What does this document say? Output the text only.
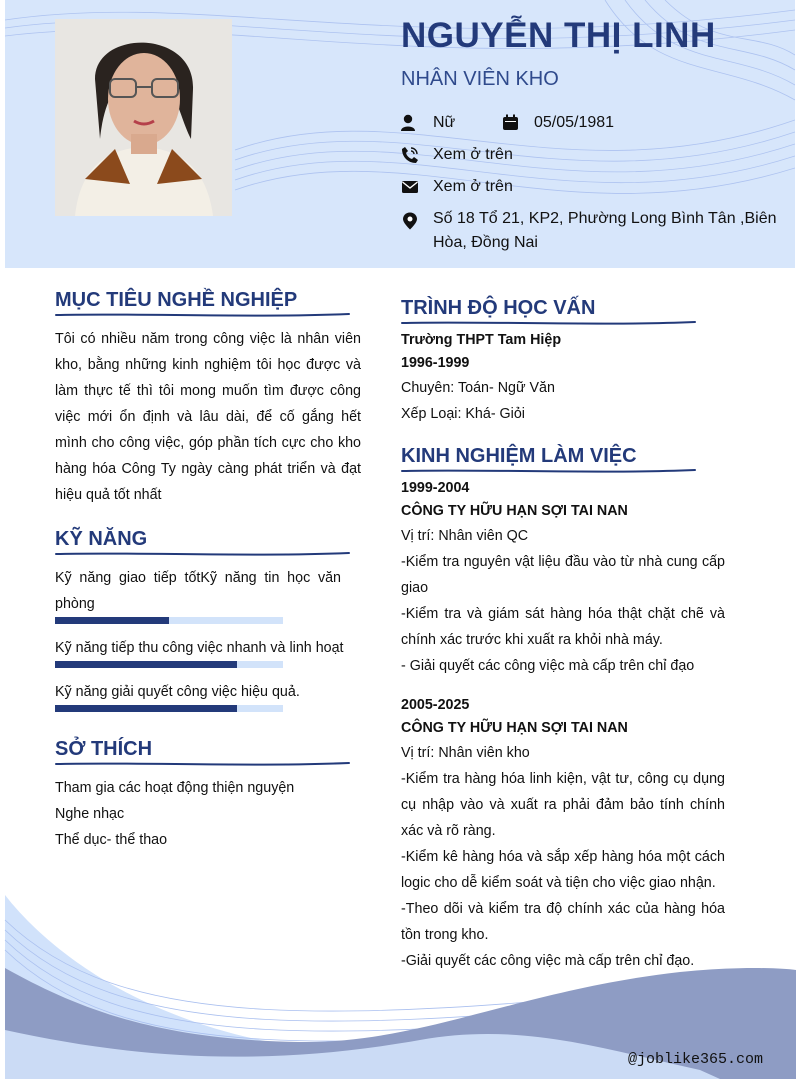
NGUYỄN THỊ LINH
NHÂN VIÊN KHO
Nữ	05/05/1981
Xem ở trên
Xem ở trên
Số 18 Tổ 21, KP2, Phường Long Bình Tân ,Biên
Hòa, Đồng Nai
MỤC TIÊU NGHỀ NGHIỆP
Tôi có nhiều năm trong công việc là nhân viên kho, bằng những kinh nghiệm tôi học được và làm thực tế thì tôi mong muốn tìm được công việc mới ổn định và lâu dài, để cố gắng hết mình cho công việc, góp phần tích cực cho kho hàng hóa Công Ty ngày càng phát triển và đạt hiệu quả tốt nhất
KỸ NĂNG
Kỹ năng giao tiếp tốtKỹ năng tin học văn phòng
Kỹ năng tiếp thu công việc nhanh và linh hoạt
Kỹ năng giải quyết công việc hiệu quả.
SỞ THÍCH
Tham gia các hoạt động thiện nguyện
Nghe nhạc
Thể dục- thể thao
TRÌNH ĐỘ HỌC VẤN
Trường THPT Tam Hiệp
1996-1999
Chuyên: Toán- Ngữ Văn
Xếp Loại: Khá- Giỏi
KINH NGHIỆM LÀM VIỆC
1999-2004
CÔNG TY HỮU HẠN SỢI TAI NAN
Vị trí: Nhân viên QC
-Kiểm tra nguyên vật liệu đầu vào từ nhà cung cấp giao
-Kiểm tra và giám sát hàng hóa thật chặt chẽ và chính xác trước khi xuất ra khỏi nhà máy.
- Giải quyết các công việc mà cấp trên chỉ đạo
2005-2025
CÔNG TY HỮU HẠN SỢI TAI NAN
Vị trí: Nhân viên kho
-Kiểm tra hàng hóa linh kiện, vật tư, công cụ dụng cụ nhập vào và xuất ra phải đảm bảo tính chính xác và rõ ràng.
-Kiểm kê hàng hóa và sắp xếp hàng hóa một cách logic cho dễ kiểm soát và tiện cho việc giao nhận.
-Theo dõi và kiểm tra độ chính xác của hàng hóa tồn trong kho.
-Giải quyết các công việc mà cấp trên chỉ đạo.
@joblike365.com
